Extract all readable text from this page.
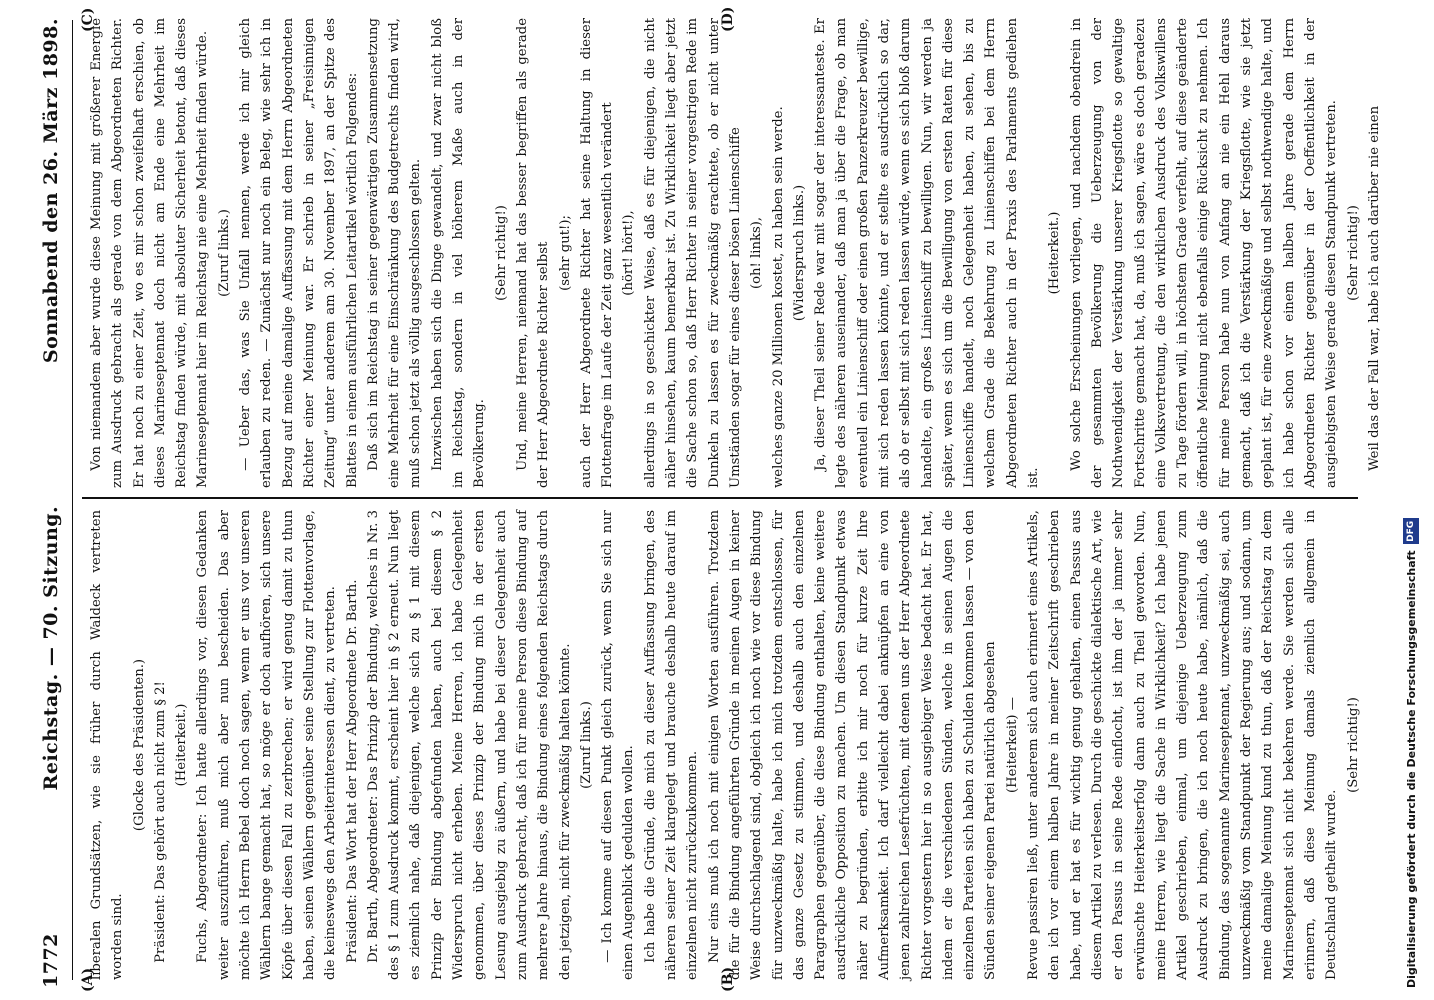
1772
Reichstag. — 70. Sitzung.
Sonnabend den 26. März 1898.
(A)	(B)
(C)	(D)

liberalen Grundsätzen, wie sie früher durch Waldeck vertreten worden sind.

(Glocke des Präsidenten.) Präsident: Das gehört auch nicht zum § 2! (Heiterkeit.) Fuchs, Abgeordneter: Ich hatte allerdings vor, diesen Gedanken weiter auszuführen, muß mich aber nun bescheiden. Das aber möchte ich Herrn Bebel doch noch sagen, wenn er uns vor unseren Wählern bange gemacht hat, so möge er doch aufhören, sich unsere Köpfe über diesen Fall zu zerbrechen; er wird genug damit zu thun haben, seinen Wählern gegenüber seine Stellung zur Flottenvorlage, die keineswegs den Arbeiterinteressen dient, zu vertreten. Präsident: Das Wort hat der Herr Abgeordnete Dr. Barth. Dr. Barth, Abgeordneter: Das Prinzip der Bindung, welches in Nr. 3 des § 1 zum Ausdruck kommt, erscheint hier in § 2 erneut. Nun liegt es ziemlich nahe, daß diejenigen, welche sich zu § 1 mit diesem Prinzip der Bindung abgefunden haben, auch bei diesem § 2 Widerspruch nicht erheben. Meine Herren, ich habe Gelegenheit genommen, über dieses Prinzip der Bindung mich in der ersten Lesung ausgiebig zu äußern, und habe bei dieser Gelegenheit auch zum Ausdruck gebracht, daß ich für meine Person diese Bindung auf mehrere Jahre hinaus, die Bindung eines folgenden Reichstags durch den jetzigen, nicht für zweckmäßig halten könnte. (Zuruf links.) — Ich komme auf diesen Punkt gleich zurück, wenn Sie sich nur einen Augenblick gedulden wollen. Ich habe die Gründe, die mich zu dieser Auffassung bringen, des näheren seiner Zeit klargelegt und brauche deshalb heute darauf im einzelnen nicht zurückzukommen. Nur eins muß ich noch mit einigen Worten ausführen. Trotzdem die für die Bindung angeführten Gründe in meinen Augen in keiner Weise durchschlagend sind, obgleich ich noch wie vor diese Bindung für unzweckmäßig halte, habe ich mich trotzdem entschlossen, für das ganze Gesetz zu stimmen, und deshalb auch den einzelnen Paragraphen gegenüber, die diese Bindung enthalten, keine weitere ausdrückliche Opposition zu machen. Um diesen Standpunkt etwas näher zu begründen, erbitte ich mir noch für kurze Zeit Ihre Aufmerksamkeit. Ich darf vielleicht dabei anknüpfen an eine von jenen zahlreichen Lesefrüchten, mit denen uns der Herr Abgeordnete Richter vorgestern hier in so ausgiebiger Weise bedacht hat. Er hat, indem er die verschiedenen Sünden, welche in seinen Augen die einzelnen Parteien sich haben zu Schulden kommen lassen — von den Sünden seiner eigenen Partei natürlich abgesehen (Heiterkeit) — Revue passiren ließ, unter anderem sich auch erinnert eines Artikels, den ich vor einem halben Jahre in meiner Zeitschrift geschrieben habe, und er hat es für wichtig genug gehalten, einen Passus aus diesem Artikel zu verlesen. Durch die geschickte dialektische Art, wie er den Passus in seine Rede einflocht, ist ihm der ja immer sehr erwünschte Heiterkeitserfolg dann auch zu Theil geworden. Nun, meine Herren, wie liegt die Sache in Wirklichkeit? Ich habe jenen Artikel geschrieben, einmal, um diejenige Ueberzeugung zum Ausdruck zu bringen, die ich noch heute habe, nämlich, daß die Bindung, das sogenannte Marineseptennat, unzweckmäßig sei, auch unzweckmäßig vom Standpunkt der Regierung aus; und sodann, um meine damalige Meinung kund zu thun, daß der Reichstag zu dem Marineseptennat sich nicht bekehren werde. Sie werden sich alle erinnern, daß diese Meinung damals ziemlich allgemein in Deutschland getheilt wurde.

(Sehr richtig!)

Von niemandem aber wurde diese Meinung mit größerer Energie zum Ausdruck gebracht als gerade von dem Abgeordneten Richter. Er hat noch zu einer Zeit, wo es mir schon zweifelhaft erschien, ob dieses Marineseptennat doch nicht am Ende eine Mehrheit im Reichstag finden würde, mit absoluter Sicherheit betont, daß dieses Marineseptennat hier im Reichstag nie eine Mehrheit finden würde. (Zuruf links.) — Ueber das, was Sie Unfall nennen, werde ich mir gleich erlauben zu reden. — Zunächst nur noch ein Beleg, wie sehr ich in Bezug auf meine damalige Auffassung mit dem Herrn Abgeordneten Richter einer Meinung war. Er schrieb in seiner „Freisinnigen Zeitung“ unter anderem am 30. November 1897, an der Spitze des Blattes in einem ausführlichen Leitartikel wörtlich Folgendes: Daß sich im Reichstag in seiner gegenwärtigen Zusammensetzung eine Mehrheit für eine Einschränkung des Budgetrechts finden wird, muß schon jetzt als völlig ausgeschlossen gelten. Inzwischen haben sich die Dinge gewandelt, und zwar nicht bloß im Reichstag, sondern in viel höherem Maße auch in der Bevölkerung.

(Sehr richtig!) Und, meine Herren, niemand hat das besser begriffen als gerade der Herr Abgeordnete Richter selbst (sehr gut!); auch der Herr Abgeordnete Richter hat seine Haltung in dieser Flottenfrage im Laufe der Zeit ganz wesentlich verändert (hört! hört!), allerdings in so geschickter Weise, daß es für diejenigen, die nicht näher hinsehen, kaum bemerkbar ist. Zu Wirklichkeit liegt aber jetzt die Sache schon so, daß Herr Richter in seiner vorgestrigen Rede im Dunkeln zu lassen es für zweckmäßig erachtete, ob er nicht unter Umständen sogar für eines dieser bösen Linienschiffe (oh! links), welches ganze 20 Millionen kostet, zu haben sein werde. (Widerspruch links.) Ja, dieser Theil seiner Rede war mit sogar der interessanteste. Er legte des näheren auseinander, daß man ja über die Frage, ob man eventuell ein Linienschiff oder einen großen Panzerkreuzer bewillige, mit sich reden lassen könnte, und er stellte es ausdrücklich so dar, als ob er selbst mit sich reden lassen würde, wenn es sich bloß darum handelte, ein großes Linienschiff zu bewilligen. Nun, wir werden ja später, wenn es sich um die Bewilligung von ersten Raten für diese Linienschiffe handelt, noch Gelegenheit haben, zu sehen, bis zu welchem Grade die Bekehrung zu Linienschiffen bei dem Herrn Abgeordneten Richter auch in der Praxis des Parlaments gediehen ist.

(Heiterkeit.) Wo solche Erscheinungen vorliegen, und nachdem obendrein in der gesammten Bevölkerung die Ueberzeugung von der Nothwendigkeit der Verstärkung unserer Kriegsflotte so gewaltige Fortschritte gemacht hat, da, muß ich sagen, wäre es doch geradezu eine Volksvertretung, die den wirklichen Ausdruck des Volkswillens zu Tage fördern will, in höchstem Grade verfehlt, auf diese geänderte öffentliche Meinung nicht ebenfalls einige Rücksicht zu nehmen. Ich für meine Person habe nun von Anfang an nie ein Hehl daraus gemacht, daß ich die Verstärkung der Kriegsflotte, wie sie jetzt geplant ist, für eine zweckmäßige und selbst nothwendige halte, und ich habe schon vor einem halben Jahre gerade dem Herrn Abgeordneten Richter gegenüber in der Oeffentlichkeit in der ausgiebigsten Weise gerade diesen Standpunkt vertreten. (Sehr richtig!) Weil das der Fall war, habe ich auch darüber nie einen

Digitalisierung gefördert durch die Deutsche Forschungsgemeinschaft
DFG
